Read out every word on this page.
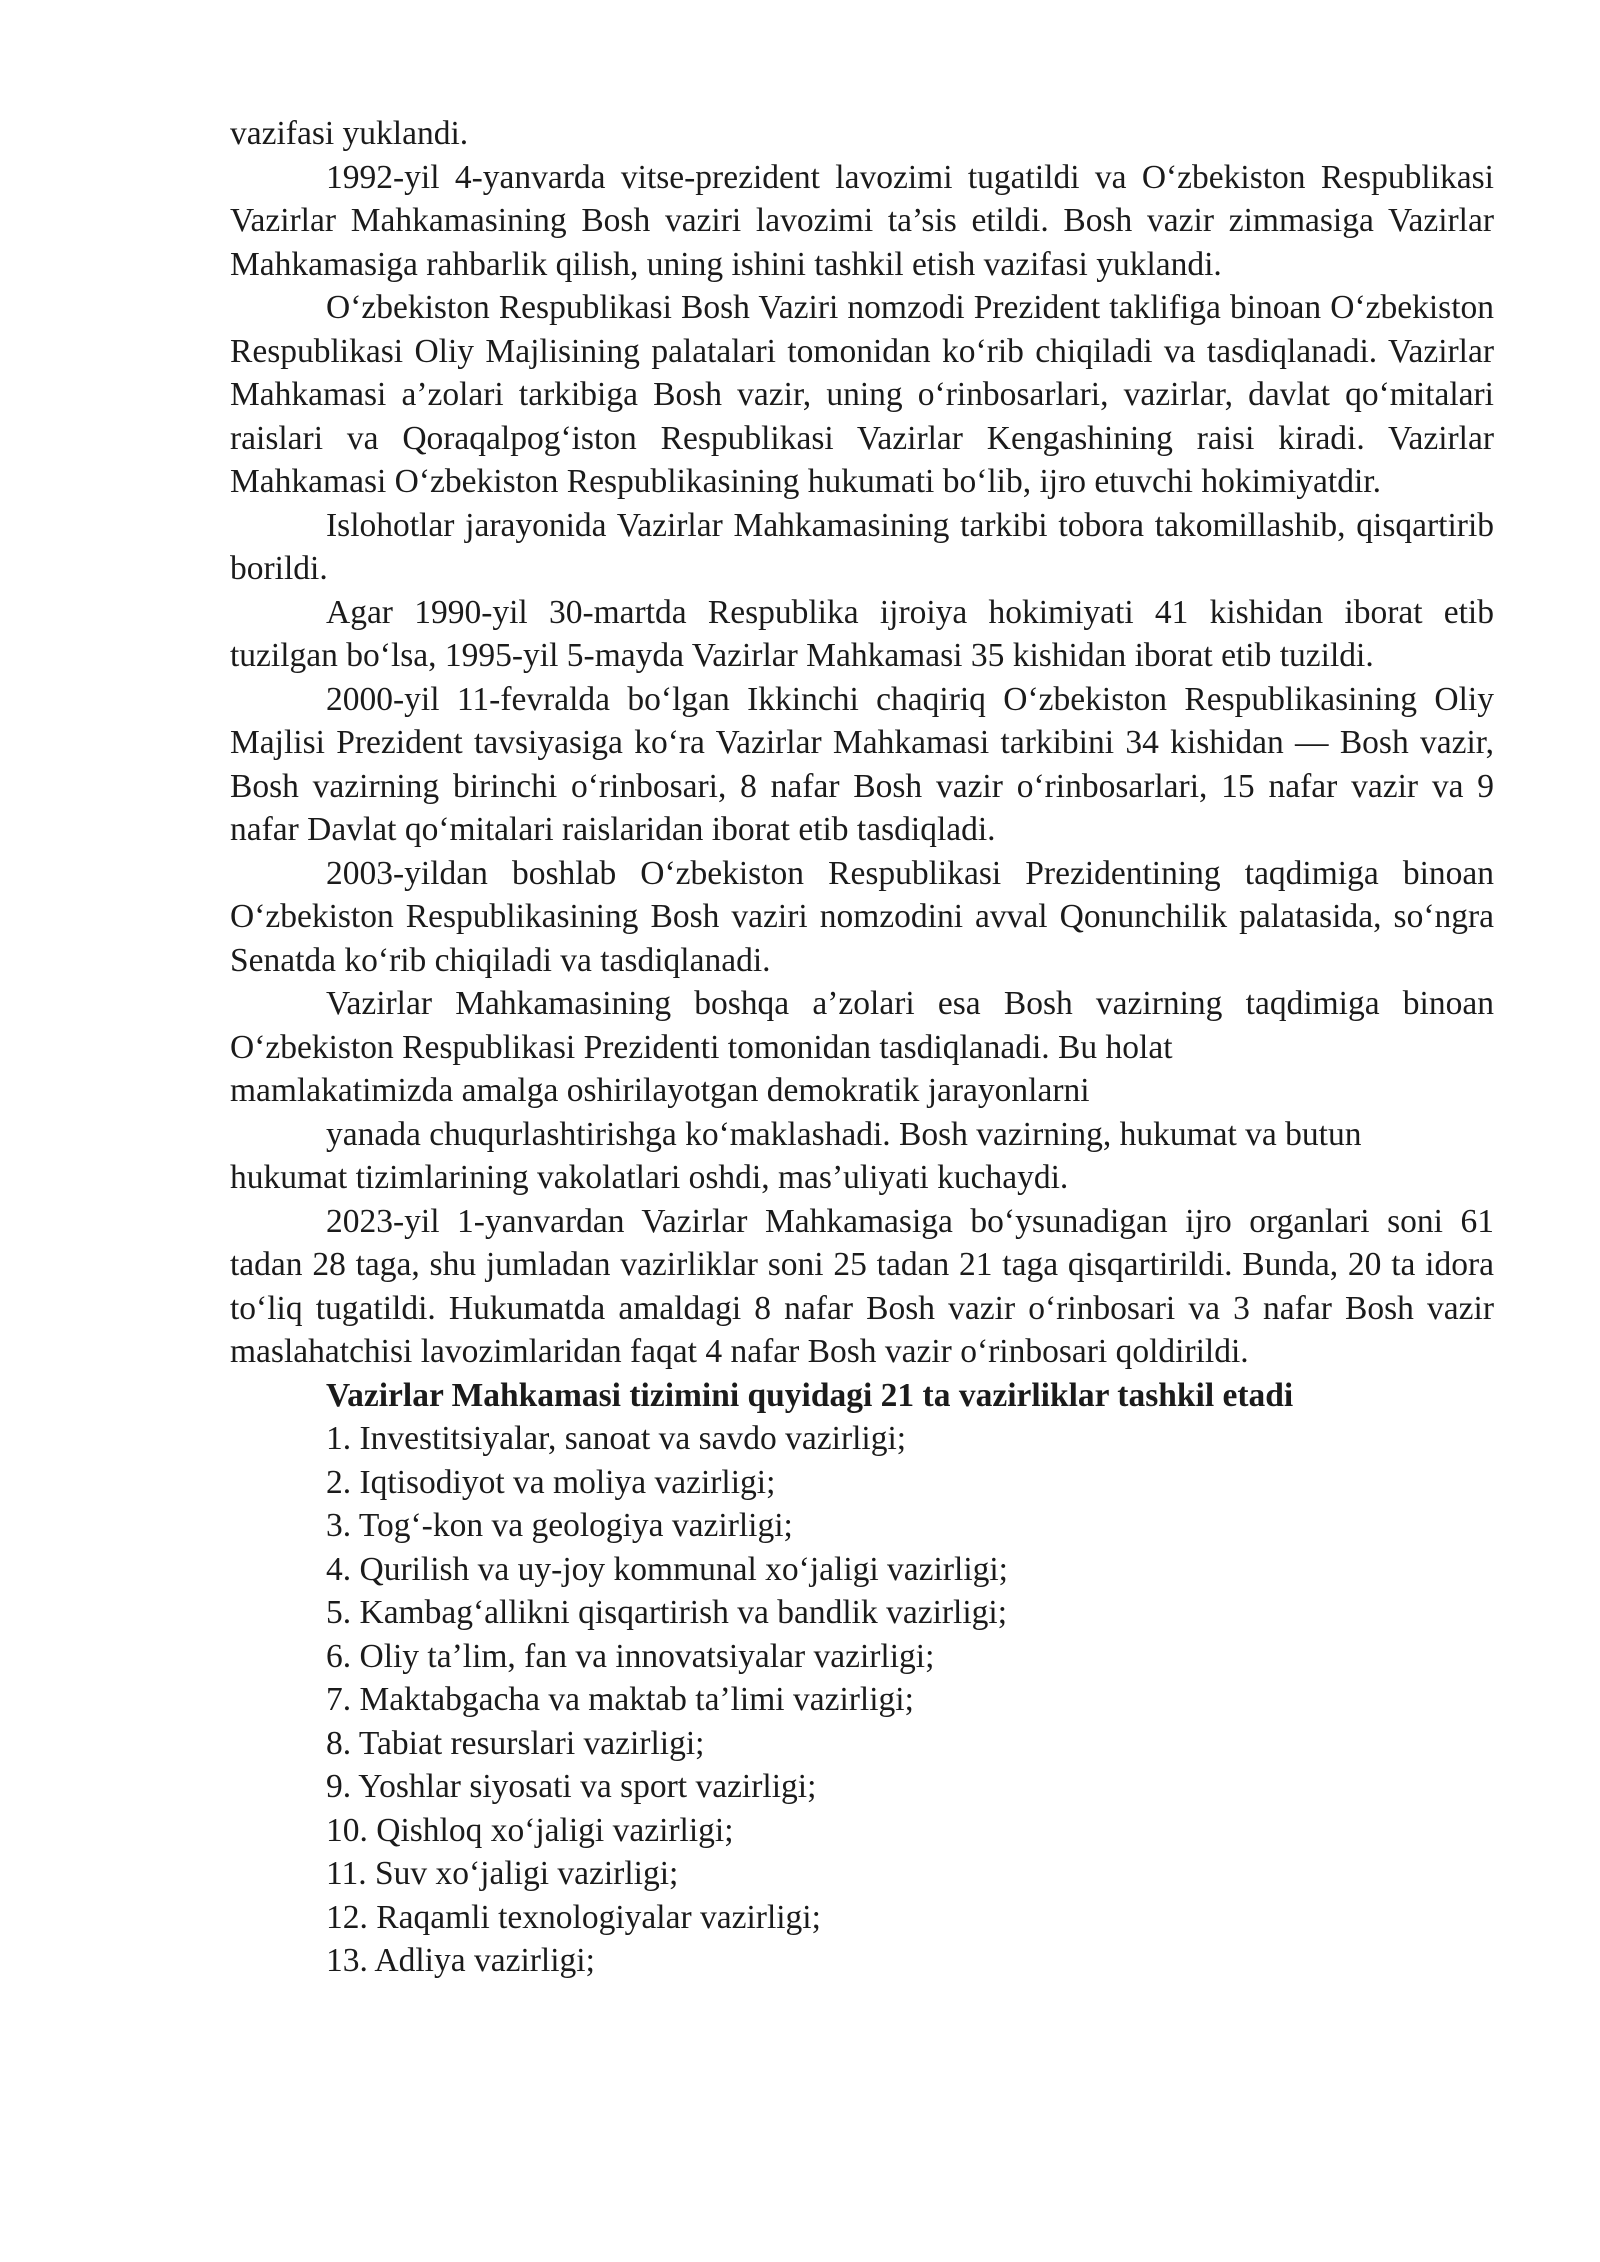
vazifasi yuklandi.

1992-yil 4-yanvarda vitse-prezident lavozimi tugatildi va O‘zbekiston Respublikasi Vazirlar Mahkamasining Bosh vaziri lavozimi ta’sis etildi. Bosh vazir zimmasiga Vazirlar Mahkamasiga rahbarlik qilish, uning ishini tashkil etish vazifasi yuklandi.

O‘zbekiston Respublikasi Bosh Vaziri nomzodi Prezident taklifiga binoan O‘zbekiston Respublikasi Oliy Majlisining palatalari tomonidan ko‘rib chiqiladi va tasdiqlanadi. Vazirlar Mahkamasi a’zolari tarkibiga Bosh vazir, uning o‘rinbosarlari, vazirlar, davlat qo‘mitalari raislari va Qoraqalpog‘iston Respublikasi Vazirlar Kengashining raisi kiradi. Vazirlar Mahkamasi O‘zbekiston Respublikasining hukumati bo‘lib, ijro etuvchi hokimiyatdir.

Islohotlar jarayonida Vazirlar Mahkamasining tarkibi tobora takomillashib, qisqartirib borildi.

Agar 1990-yil 30-martda Respublika ijroiya hokimiyati 41 kishidan iborat etib tuzilgan bo‘lsa, 1995-yil 5-mayda Vazirlar Mahkamasi 35 kishidan iborat etib tuzildi.

2000-yil 11-fevralda bo‘lgan Ikkinchi chaqiriq O‘zbekiston Respublikasining Oliy Majlisi Prezident tavsiyasiga ko‘ra Vazirlar Mahkamasi tarkibini 34 kishidan — Bosh vazir, Bosh vazirning birinchi o‘rinbosari, 8 nafar Bosh vazir o‘rinbosarlari, 15 nafar vazir va 9 nafar Davlat qo‘mitalari raislaridan iborat etib tasdiqladi.

2003-yildan boshlab O‘zbekiston Respublikasi Prezidentining taqdimiga binoan O‘zbekiston Respublikasining Bosh vaziri nomzodini avval Qonunchilik palatasida, so‘ngra Senatda ko‘rib chiqiladi va tasdiqlanadi.

Vazirlar Mahkamasining boshqa a’zolari esa Bosh vazirning taqdimiga binoan O‘zbekiston Respublikasi Prezidenti tomonidan tasdiqlanadi. Bu holat

mamlakatimizda amalga oshirilayotgan demokratik jarayonlarni

yanada chuqurlashtirishga ko‘maklashadi. Bosh vazirning, hukumat va butun

hukumat tizimlarining vakolatlari oshdi, mas’uliyati kuchaydi.

2023-yil 1-yanvardan Vazirlar Mahkamasiga bo‘ysunadigan ijro organlari soni 61 tadan 28 taga, shu jumladan vazirliklar soni 25 tadan 21 taga qisqartirildi. Bunda, 20 ta idora to‘liq tugatildi. Hukumatda amaldagi 8 nafar Bosh vazir o‘rinbosari va 3 nafar Bosh vazir maslahatchisi lavozimlaridan faqat 4 nafar Bosh vazir o‘rinbosari qoldirildi.

Vazirlar Mahkamasi tizimini quyidagi 21 ta vazirliklar tashkil etadi

1. Investitsiyalar, sanoat va savdo vazirligi;
2. Iqtisodiyot va moliya vazirligi;
3. Tog‘-kon va geologiya vazirligi;
4. Qurilish va uy-joy kommunal xo‘jaligi vazirligi;
5. Kambag‘allikni qisqartirish va bandlik vazirligi;
6. Oliy taʼlim, fan va innovatsiyalar vazirligi;
7. Maktabgacha va maktab taʼlimi vazirligi;
8. Tabiat resurslari vazirligi;
9. Yoshlar siyosati va sport vazirligi;
10. Qishloq xo‘jaligi vazirligi;
11. Suv xo‘jaligi vazirligi;
12. Raqamli texnologiyalar vazirligi;
13. Adliya vazirligi;
